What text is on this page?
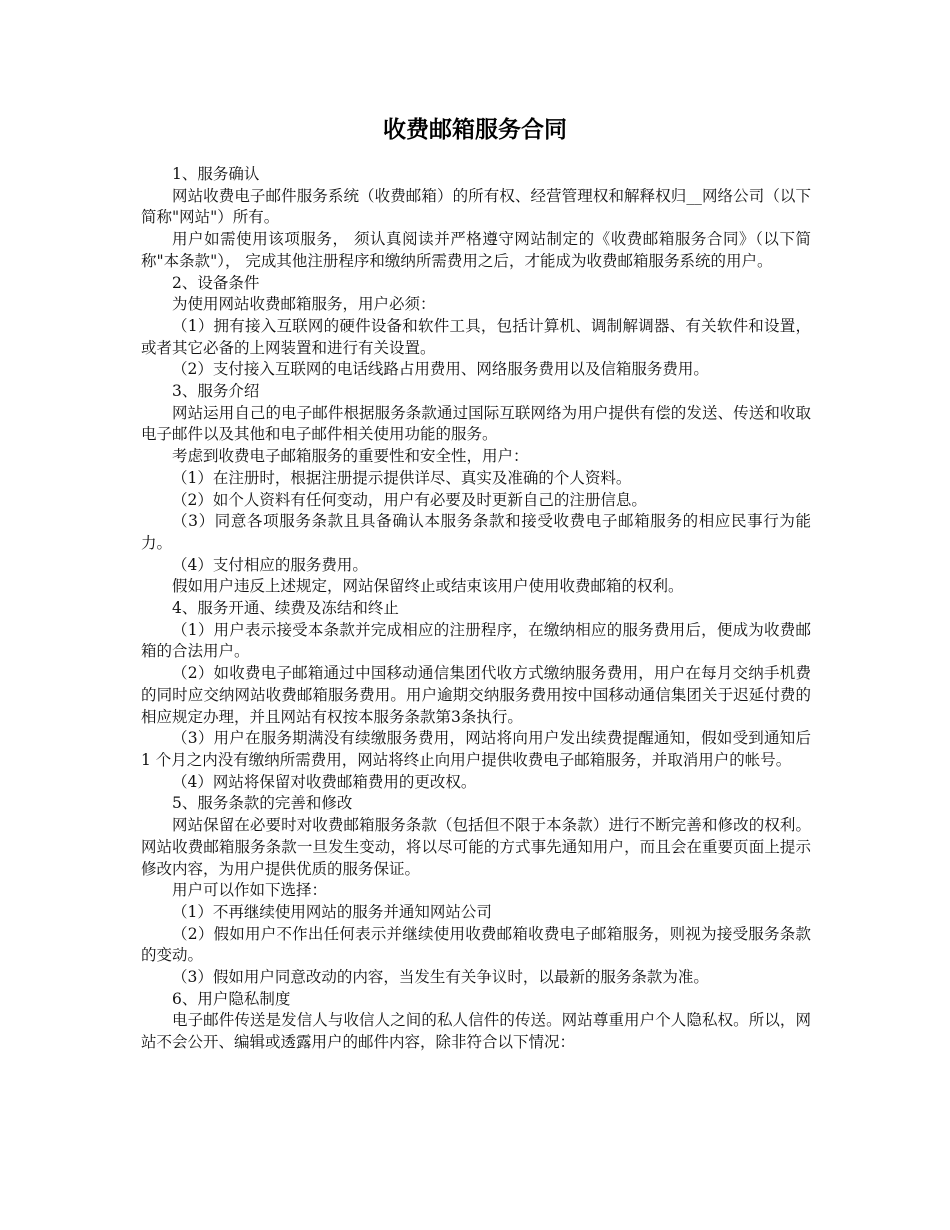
收费邮箱服务合同

1、服务确认

网站收费电子邮件服务系统（收费邮箱）的所有权、经营管理权和解释权归__网络公司（以下简称"网站"）所有。

用户如需使用该项服务， 须认真阅读并严格遵守网站制定的《收费邮箱服务合同》（以下简称"本条款"）， 完成其他注册程序和缴纳所需费用之后，才能成为收费邮箱服务系统的用户。

2、设备条件

为使用网站收费邮箱服务，用户必须：

（1）拥有接入互联网的硬件设备和软件工具，包括计算机、调制解调器、有关软件和设置，或者其它必备的上网装置和进行有关设置。

（2）支付接入互联网的电话线路占用费用、网络服务费用以及信箱服务费用。

3、服务介绍

网站运用自己的电子邮件根据服务条款通过国际互联网络为用户提供有偿的发送、传送和收取电子邮件以及其他和电子邮件相关使用功能的服务。

考虑到收费电子邮箱服务的重要性和安全性，用户：

（1）在注册时，根据注册提示提供详尽、真实及准确的个人资料。

（2）如个人资料有任何变动，用户有必要及时更新自己的注册信息。

（3）同意各项服务条款且具备确认本服务条款和接受收费电子邮箱服务的相应民事行为能力。

（4）支付相应的服务费用。

假如用户违反上述规定，网站保留终止或结束该用户使用收费邮箱的权利。

4、服务开通、续费及冻结和终止

（1）用户表示接受本条款并完成相应的注册程序，在缴纳相应的服务费用后，便成为收费邮箱的合法用户。

（2）如收费电子邮箱通过中国移动通信集团代收方式缴纳服务费用，用户在每月交纳手机费的同时应交纳网站收费邮箱服务费用。用户逾期交纳服务费用按中国移动通信集团关于迟延付费的相应规定办理，并且网站有权按本服务条款第3条执行。

（3）用户在服务期满没有续缴服务费用，网站将向用户发出续费提醒通知，假如受到通知后1 个月之内没有缴纳所需费用，网站将终止向用户提供收费电子邮箱服务，并取消用户的帐号。

（4）网站将保留对收费邮箱费用的更改权。

5、服务条款的完善和修改

网站保留在必要时对收费邮箱服务条款（包括但不限于本条款）进行不断完善和修改的权利。网站收费邮箱服务条款一旦发生变动，将以尽可能的方式事先通知用户，而且会在重要页面上提示修改内容，为用户提供优质的服务保证。

用户可以作如下选择：

（1）不再继续使用网站的服务并通知网站公司

（2）假如用户不作出任何表示并继续使用收费邮箱收费电子邮箱服务，则视为接受服务条款的变动。

（3）假如用户同意改动的内容，当发生有关争议时，以最新的服务条款为准。

6、用户隐私制度

电子邮件传送是发信人与收信人之间的私人信件的传送。网站尊重用户个人隐私权。所以，网站不会公开、编辑或透露用户的邮件内容，除非符合以下情况：
